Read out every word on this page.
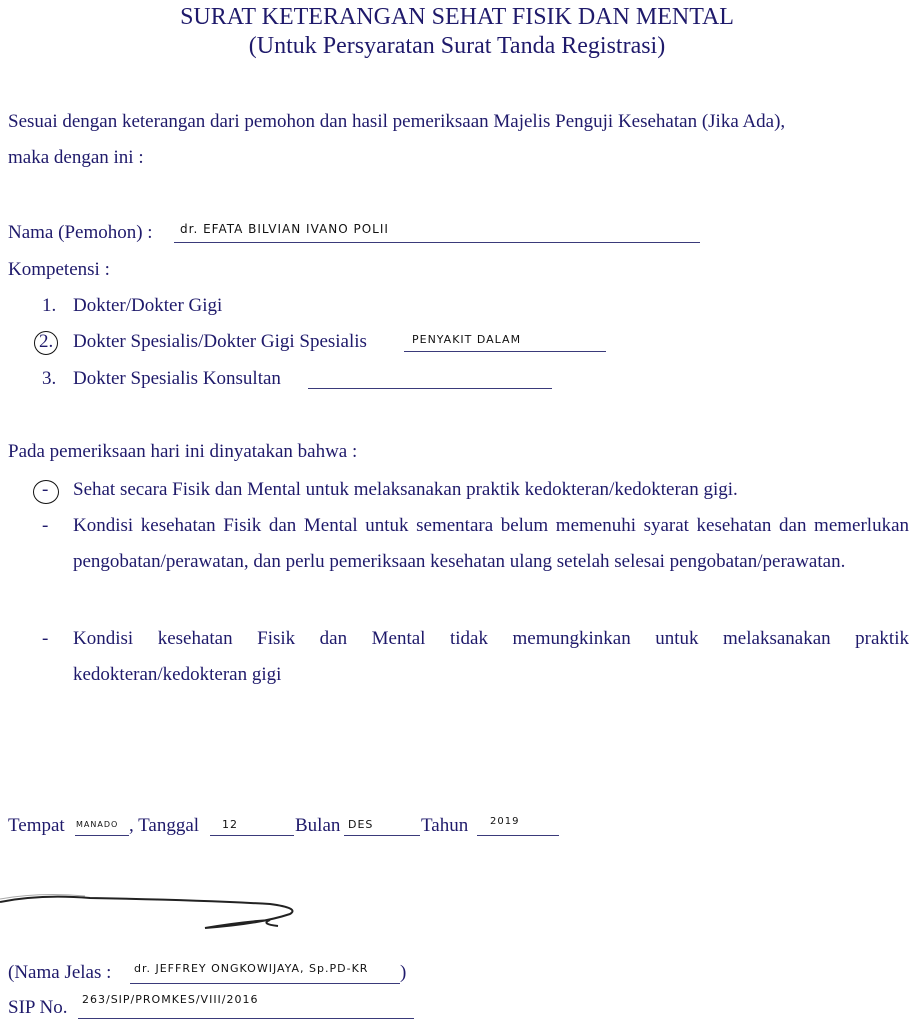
SURAT KETERANGAN SEHAT FISIK DAN MENTAL
(Untuk Persyaratan Surat Tanda Registrasi)
Sesuai dengan keterangan dari pemohon dan hasil pemeriksaan Majelis Penguji Kesehatan (Jika Ada),
maka dengan ini :
Nama (Pemohon) : dr. EFATA BILVIAN IVANO POLII
Kompetensi :
1. Dokter/Dokter Gigi
2. Dokter Spesialis/Dokter Gigi Spesialis	PENYAKIT DALAM
3. Dokter Spesialis Konsultan
Pada pemeriksaan hari ini dinyatakan bahwa :
- Sehat secara Fisik dan Mental untuk melaksanakan praktik kedokteran/kedokteran gigi.
- Kondisi kesehatan Fisik dan Mental untuk sementara belum memenuhi syarat kesehatan dan memerlukan pengobatan/perawatan, dan perlu pemeriksaan kesehatan ulang setelah selesai pengobatan/perawatan.
- Kondisi kesehatan Fisik dan Mental tidak memungkinkan untuk melaksanakan praktik kedokteran/kedokteran gigi
Tempat MANADO , Tanggal 12	Bulan DES	Tahun 2019
(Nama Jelas : dr. JEFFREY ONGKOWIJAYA, Sp.PD-KR )
SIP No. 263/SIP/PROMKES/VIII/2016
